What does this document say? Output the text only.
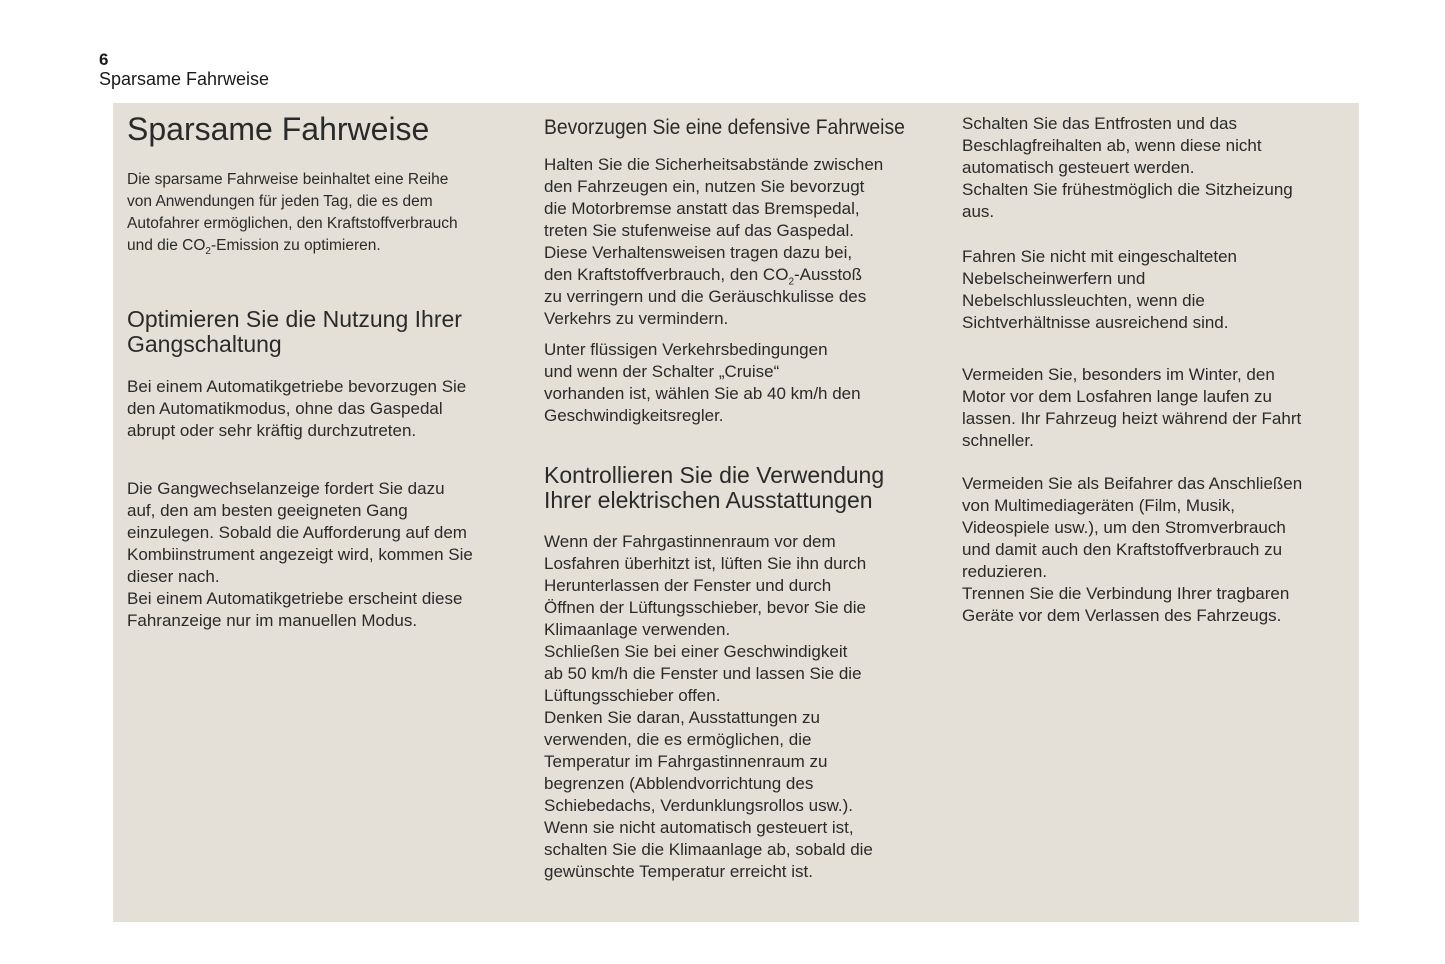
6
Sparsame Fahrweise
Sparsame Fahrweise
Die sparsame Fahrweise beinhaltet eine Reihe
von Anwendungen für jeden Tag, die es dem
Autofahrer ermöglichen, den Kraftstoffverbrauch
und die $CO_2$-Emission zu optimieren.
Optimieren Sie die Nutzung Ihrer
Gangschaltung
Bei einem Automatikgetriebe bevorzugen Sie
den Automatikmodus, ohne das Gaspedal
abrupt oder sehr kräftig durchzutreten.
Die Gangwechselanzeige fordert Sie dazu
auf, den am besten geeigneten Gang
einzulegen. Sobald die Aufforderung auf dem
Kombiinstrument angezeigt wird, kommen Sie
dieser nach.
Bei einem Automatikgetriebe erscheint diese
Fahranzeige nur im manuellen Modus.
Bevorzugen Sie eine defensive Fahrweise
Halten Sie die Sicherheitsabstände zwischen
den Fahrzeugen ein, nutzen Sie bevorzugt
die Motorbremse anstatt das Bremspedal,
treten Sie stufenweise auf das Gaspedal.
Diese Verhaltensweisen tragen dazu bei,
den Kraftstoffverbrauch, den $CO_2$-Ausstoß
zu verringern und die Geräuschkulisse des
Verkehrs zu vermindern.
Unter flüssigen Verkehrsbedingungen
und wenn der Schalter „Cruise“
vorhanden ist, wählen Sie ab 40 km/h den
Geschwindigkeitsregler.
Kontrollieren Sie die Verwendung
Ihrer elektrischen Ausstattungen
Wenn der Fahrgastinnenraum vor dem
Losfahren überhitzt ist, lüften Sie ihn durch
Herunterlassen der Fenster und durch
Öffnen der Lüftungsschieber, bevor Sie die
Klimaanlage verwenden.
Schließen Sie bei einer Geschwindigkeit
ab 50 km/h die Fenster und lassen Sie die
Lüftungsschieber offen.
Denken Sie daran, Ausstattungen zu
verwenden, die es ermöglichen, die
Temperatur im Fahrgastinnenraum zu
begrenzen (Abblendvorrichtung des
Schiebedachs, Verdunklungsrollos usw.).
Wenn sie nicht automatisch gesteuert ist,
schalten Sie die Klimaanlage ab, sobald die
gewünschte Temperatur erreicht ist.
Schalten Sie das Entfrosten und das
Beschlagfreihalten ab, wenn diese nicht
automatisch gesteuert werden.
Schalten Sie frühestmöglich die Sitzheizung
aus.
Fahren Sie nicht mit eingeschalteten
Nebelscheinwerfern und
Nebelschlussleuchten, wenn die
Sichtverhältnisse ausreichend sind.
Vermeiden Sie, besonders im Winter, den
Motor vor dem Losfahren lange laufen zu
lassen. Ihr Fahrzeug heizt während der Fahrt
schneller.
Vermeiden Sie als Beifahrer das Anschließen
von Multimediageräten (Film, Musik,
Videospiele usw.), um den Stromverbrauch
und damit auch den Kraftstoffverbrauch zu
reduzieren.
Trennen Sie die Verbindung Ihrer tragbaren
Geräte vor dem Verlassen des Fahrzeugs.
